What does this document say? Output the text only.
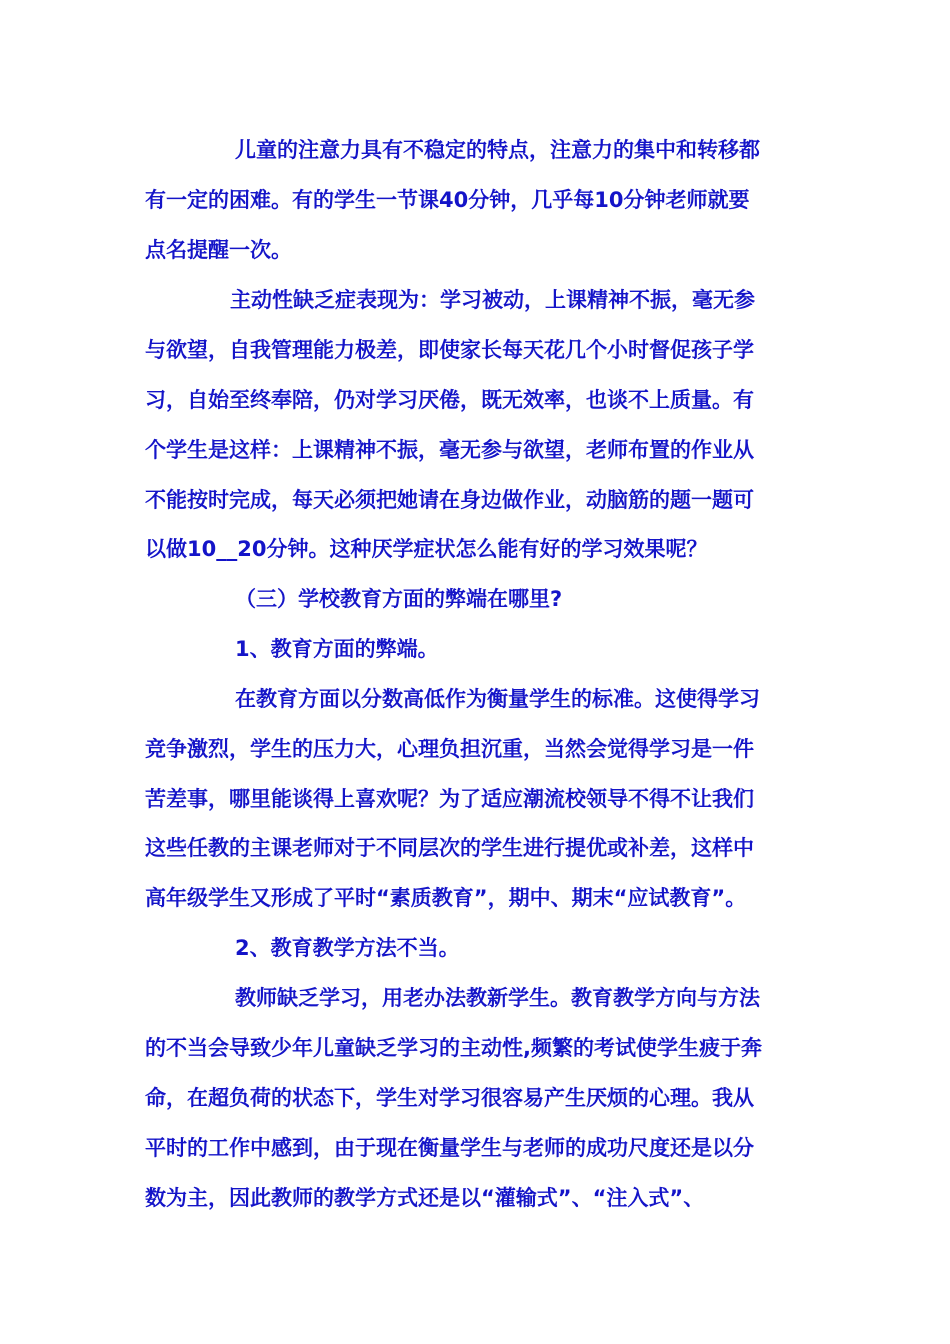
儿童的注意力具有不稳定的特点，注意力的集中和转移都
有一定的困难。有的学生一节课40分钟，几乎每10分钟老师就要
点名提醒一次。
主动性缺乏症表现为：学习被动，上课精神不振，毫无参
与欲望，自我管理能力极差，即使家长每天花几个小时督促孩子学
习，自始至终奉陪，仍对学习厌倦，既无效率，也谈不上质量。有
个学生是这样：上课精神不振，毫无参与欲望，老师布置的作业从
不能按时完成，每天必须把她请在身边做作业，动脑筋的题一题可
以做10__20分钟。这种厌学症状怎么能有好的学习效果呢？
（三）学校教育方面的弊端在哪里?
1、教育方面的弊端。
在教育方面以分数高低作为衡量学生的标准。这使得学习
竞争激烈，学生的压力大，心理负担沉重，当然会觉得学习是一件
苦差事，哪里能谈得上喜欢呢？为了适应潮流校领导不得不让我们
这些任教的主课老师对于不同层次的学生进行提优或补差，这样中
高年级学生又形成了平时“素质教育”，期中、期末“应试教育”。
2、教育教学方法不当。
教师缺乏学习，用老办法教新学生。教育教学方向与方法
的不当会导致少年儿童缺乏学习的主动性,频繁的考试使学生疲于奔
命，在超负荷的状态下，学生对学习很容易产生厌烦的心理。我从
平时的工作中感到，由于现在衡量学生与老师的成功尺度还是以分
数为主，因此教师的教学方式还是以“灌输式”、“注入式”、
